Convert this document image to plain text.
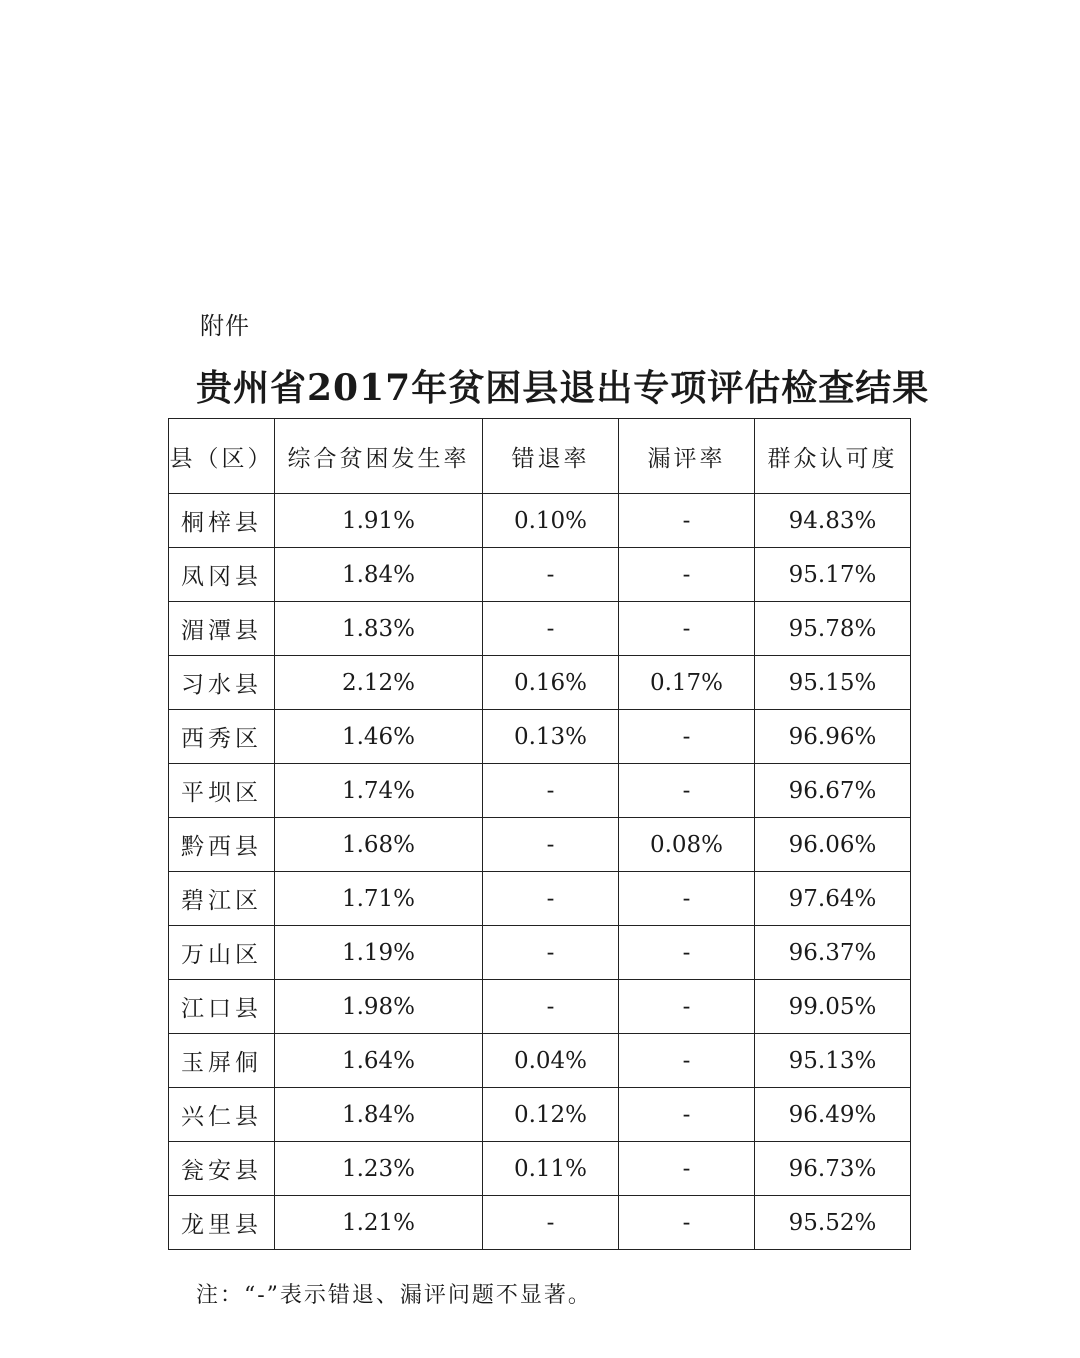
附件
贵州省2017年贫困县退出专项评估检查结果
县（区）	综合贫困发生率	错退率	漏评率	群众认可度
桐梓县	1.91%	0.10%	-	94.83%
凤冈县	1.84%	-	-	95.17%
湄潭县	1.83%	-	-	95.78%
习水县	2.12%	0.16%	0.17%	95.15%
西秀区	1.46%	0.13%	-	96.96%
平坝区	1.74%	-	-	96.67%
黔西县	1.68%	-	0.08%	96.06%
碧江区	1.71%	-	-	97.64%
万山区	1.19%	-	-	96.37%
江口县	1.98%	-	-	99.05%
玉屏侗	1.64%	0.04%	-	95.13%
兴仁县	1.84%	0.12%	-	96.49%
瓮安县	1.23%	0.11%	-	96.73%
龙里县	1.21%	-	-	95.52%
注：“-”表示错退、漏评问题不显著。
